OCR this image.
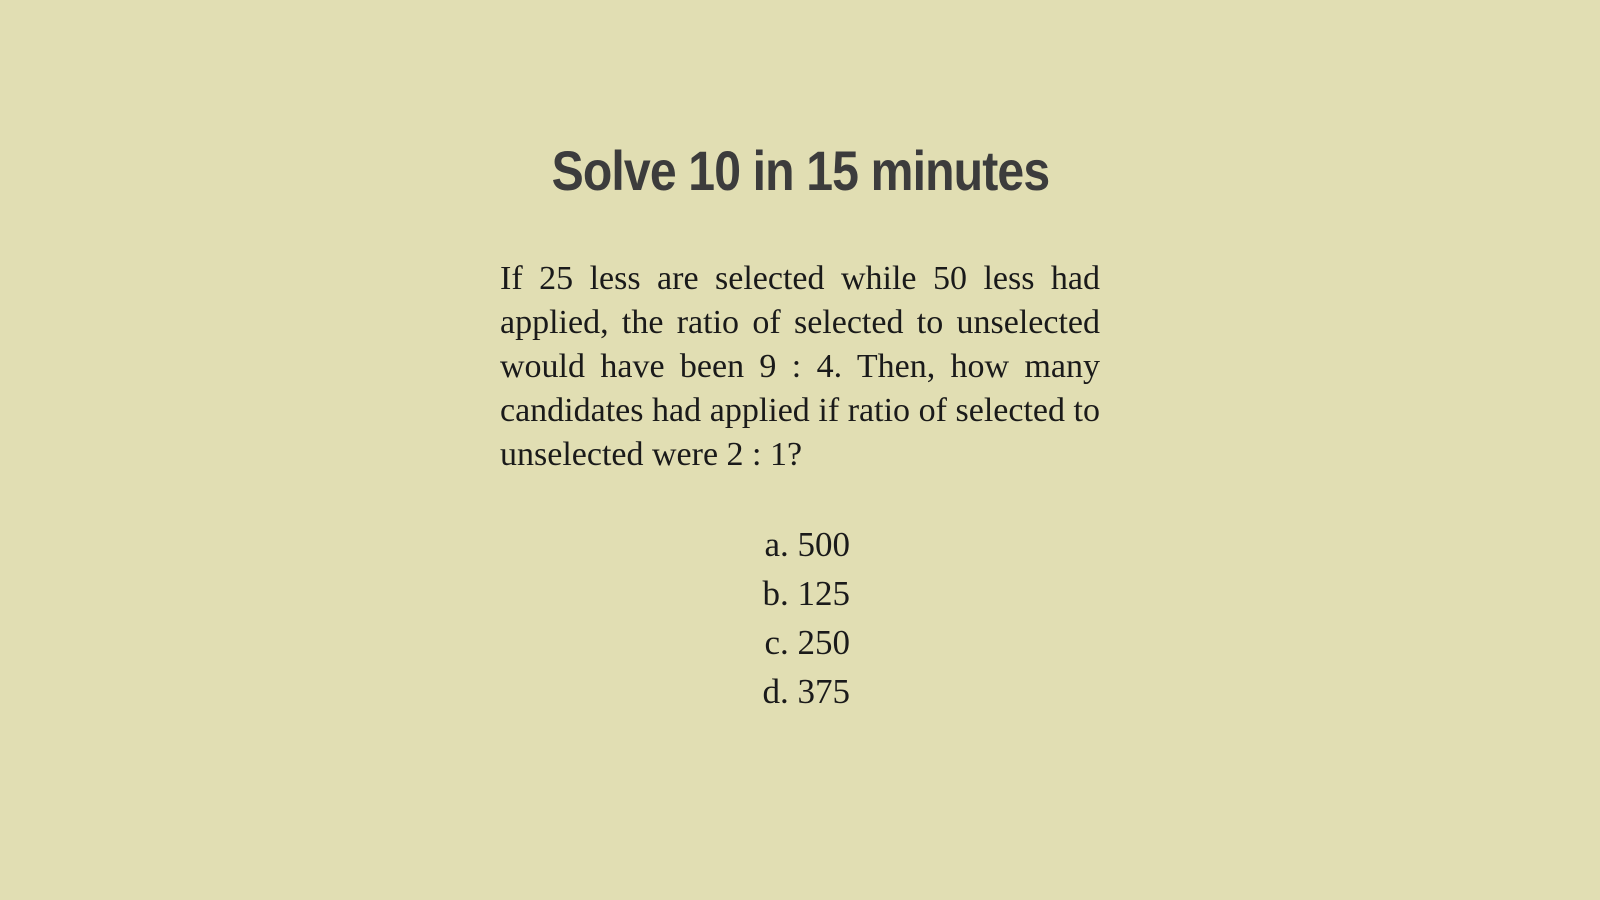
Solve 10 in 15 minutes

If 25 less are selected while 50 less had applied, the ratio of selected to unselected would have been 9 : 4. Then, how many candidates had applied if ratio of selected to unselected were 2 : 1?

a. 500
b. 125
c. 250
d. 375
